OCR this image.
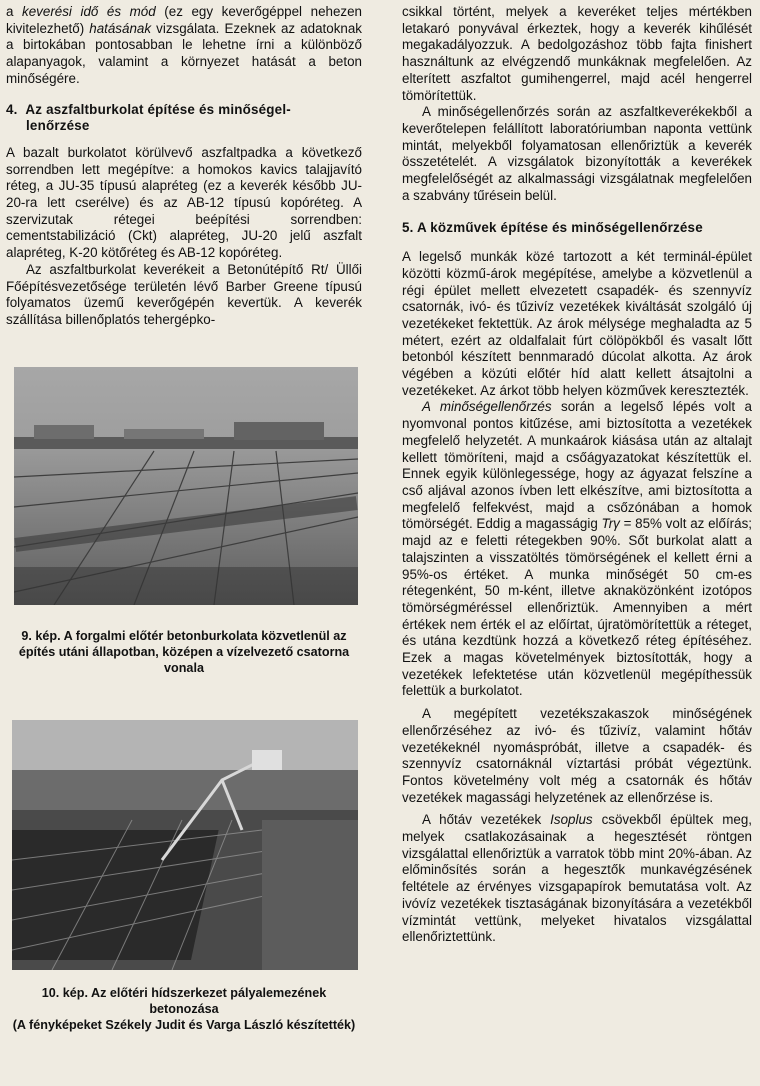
a keverési idő és mód (ez egy keverőgéppel nehezen kivitelezhető) hatásának vizsgálata. Ezeknek az adatoknak a birtokában pontosabban le lehetne írni a különböző alapanyagok, valamint a környezet hatását a beton minőségére.

4. Az aszfaltburkolat építése és minőségel-
lenőrzése

A bazalt burkolatot körülvevő aszfaltpadka a következő sorrendben lett megépítve: a homokos kavics talajjavító réteg, a JU-35 típusú alapréteg (ez a keverék később JU-20-ra lett cserélve) és az AB-12 típusú kopóréteg. A szervizutak rétegei beépítési sorrendben: cementstabilizáció (Ckt) alapréteg, JU-20 jelű aszfalt alapréteg, K-20 kötőréteg és AB-12 kopóréteg.

Az aszfaltburkolat keverékeit a Betonútépítő Rt/ Üllői Főépítésvezetősége területén lévő Barber Greene típusú folyamatos üzemű keverőgépén kevertük. A keverék szállítása billenőplatós tehergépko-

9. kép. A forgalmi előtér betonburkolata közvetlenül az építés utáni állapotban, középen a vízelvezető csatorna vonala
10. kép. Az előtéri hídszerkezet pályalemezének betonozása
(A fényképeket Székely Judit és Varga László készítették)

csikkal történt, melyek a keveréket teljes mértékben letakaró ponyvával érkeztek, hogy a keverék kihűlését megakadályozzuk. A bedolgozáshoz több fajta finishert használtunk az elvégzendő munkáknak megfelelően. Az elterített aszfaltot gumihengerrel, majd acél hengerrel tömörítettük.

A minőségellenőrzés során az aszfaltkeverékekből a keverőtelepen felállított laboratóriumban naponta vettünk mintát, melyekből folyamatosan ellenőriztük a keverék összetételét. A vizsgálatok bizonyították a keverékek megfelelőségét az alkalmassági vizsgálatnak megfelelően a szabvány tűrésein belül.

5. A közművek építése és minőségellenőrzése

A legelső munkák közé tartozott a két terminál-épület közötti közmű-árok megépítése, amelybe a közvetlenül a régi épület mellett elvezetett csapadék- és szennyvíz csatornák, ivó- és tűzivíz vezetékek kiváltását szolgáló új vezetékeket fektettük. Az árok mélysége meghaladta az 5 métert, ezért az oldalfalait fúrt cölöpökből és vasalt lőtt betonból készített bennmaradó dúcolat alkotta. Az árok végében a közúti előtér híd alatt kellett átsajtolni a vezetékeket. Az árkot több helyen közművek keresztezték.

A minőségellenőrzés során a legelső lépés volt a nyomvonal pontos kitűzése, ami biztosította a vezetékek megfelelő helyzetét. A munkaárok kiásása után az altalajt kellett tömöríteni, majd a csőágyazatokat készítettük el. Ennek egyik különlegessége, hogy az ágyazat felszíne a cső aljával azonos ívben lett elkészítve, ami biztosította a megfelelő felfekvést, majd a csőzónában a homok tömörségét. Eddig a magasságig Trγ = 85% volt az előírás; majd az e feletti rétegekben 90%. Sőt burkolat alatt a talajszinten a visszatöltés tömörségének el kellett érni a 95%-os értéket. A munka minőségét 50 cm-es rétegenként, 50 m-ként, illetve aknaközönként izotópos tömörségméréssel ellenőriztük. Amennyiben a mért értékek nem érték el az előírtat, újratömörítettük a réteget, és utána kezdtünk hozzá a következő réteg építéséhez. Ezek a magas követelmények biztosították, hogy a vezetékek lefektetése után közvetlenül megépíthessük felettük a burkolatot.

A megépített vezetékszakaszok minőségének ellenőrzéséhez az ivó- és tűzivíz, valamint hőtáv vezetékeknél nyomáspróbát, illetve a csapadék- és szennyvíz csatornáknál víztartási próbát végeztünk. Fontos követelmény volt még a csatornák és hőtáv vezetékek magassági helyzetének az ellenőrzése is.

A hőtáv vezetékek Isoplus csövekből épültek meg, melyek csatlakozásainak a hegesztését röntgen vizsgálattal ellenőriztük a varratok több mint 20%-ában. Az előminősítés során a hegesztők munkavégzésének feltétele az érvényes vizsgapapírok bemutatása volt. Az ivóvíz vezetékek tisztaságának bizonyítására a vezetékből vízmintát vettünk, melyeket hivatalos vizsgálattal ellenőriztettünk.
